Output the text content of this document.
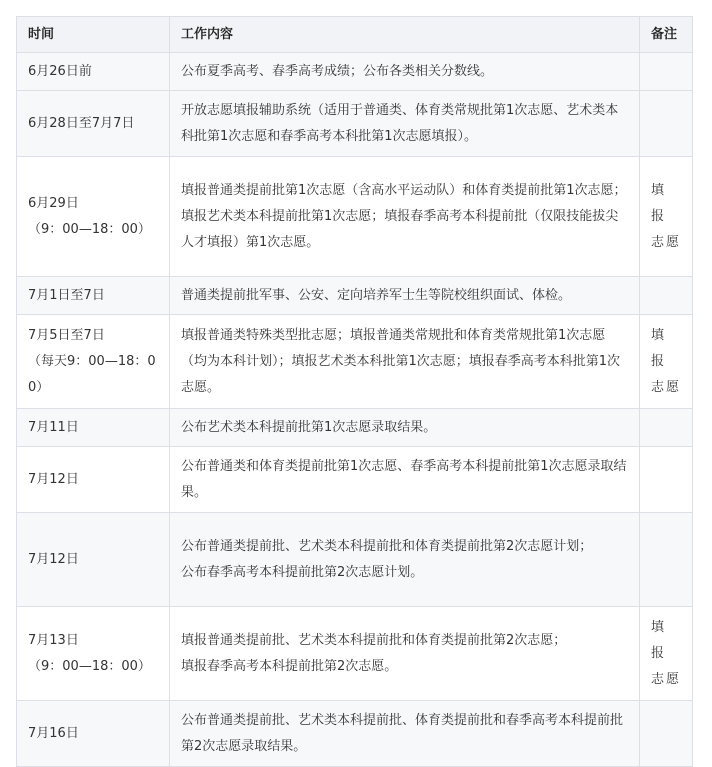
时间	工作内容	备注

6月26日前	公布夏季高考、春季高考成绩；公布各类相关分数线。	

6月28日至7月7日	开放志愿填报辅助系统（适用于普通类、体育类常规批第1次志愿、艺术类本科批第1次志愿和春季高考本科批第1次志愿填报）。	

6月29日
（9：00—18：00）	填报普通类提前批第1次志愿（含高水平运动队）和体育类提前批第1次志愿；
填报艺术类本科提前批第1次志愿；填报春季高考本科提前批（仅限技能拔尖人才填报）第1次志愿。	填 报
志愿

7月1日至7日	普通类提前批军事、公安、定向培养军士生等院校组织面试、体检。	

7月5日至7日
（每天9：00—18：00）	填报普通类特殊类型批志愿；填报普通类常规批和体育类常规批第1次志愿（均为本科计划）；填报艺术类本科批第1次志愿；填报春季高考本科批第1次志愿。	填 报
志愿

7月11日	公布艺术类本科提前批第1次志愿录取结果。	

7月12日	公布普通类和体育类提前批第1次志愿、春季高考本科提前批第1次志愿录取结果。	

7月12日	公布普通类提前批、艺术类本科提前批和体育类提前批第2次志愿计划；
公布春季高考本科提前批第2次志愿计划。	

7月13日
（9：00—18：00）	填报普通类提前批、艺术类本科提前批和体育类提前批第2次志愿；
填报春季高考本科提前批第2次志愿。	填 报
志愿

7月16日	公布普通类提前批、艺术类本科提前批、体育类提前批和春季高考本科提前批第2次志愿录取结果。	
